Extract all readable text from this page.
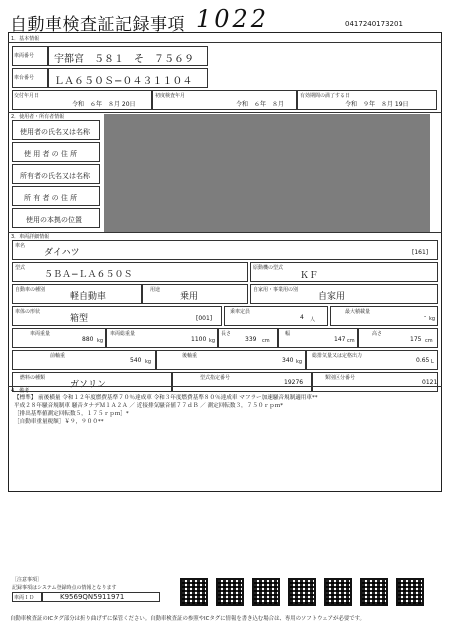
自動車検査証記録事項 1022	0417240173201
1．基本情報
車両番号 宇都宮　５８１　そ　７５６９
車台番号 ＬＡ６５０Ｓ−０４３１１０４
交付年月日
令和　６年　８月 20日
初度検査年月
令和　６年　８月
有効期間の満了する日
令和　９年　８月 19日
2．使用者・所有者情報
使用者の氏名又は名称
使 用 者 の 住 所
所有者の氏名又は名称
所 有 者 の 住 所
使用の本拠の位置
3．車両詳細情報
車名
ダイハツ	[161]
型式
５ＢＡ−ＬＡ６５０Ｓ
原動機の型式
ＫＦ
自動車の種別
軽自動車
用途
乗用
自家用・事業用の別
自家用
車体の形状
箱型	[001]
乗車定員
4 人
最大積載量
- kg
車両重量
880 kg
車両総重量
1100 kg
長さ
339 cm
幅
147 cm
高さ
175 cm
前軸重
540 kg
後軸重
340 kg
総排気量又は定格出力
0.65 L
燃料の種類
ガソリン
型式指定番号
19276
類別区分番号
0121
4．備考
【標準】 前後横量 令和１２年度燃費基準７０％達成車 令和３年度燃費基準８０％達成車 マフラー加速騒音規制適用車**
平成２８年騒音規制車 騒音タナデＭ１Ａ２Ａ ／ 近接排気騒音値７７ｄＢ ／ 測定回転数３，７５０ｒｐｍ*
［排出基準値測定回転数５，１７５ｒｐｍ］*
［自動車重量税額］￥９，９００**
［注意事項］
記録事項はシステム登録時点の情報となります
車両ＩＤ	K9569QN5911971
自動車検査証のICタグ部分は折り曲げずに保管ください。自動車検査証の参照やICタグに情報を書き込む場合は、専用のソフトウェアが必要です。
